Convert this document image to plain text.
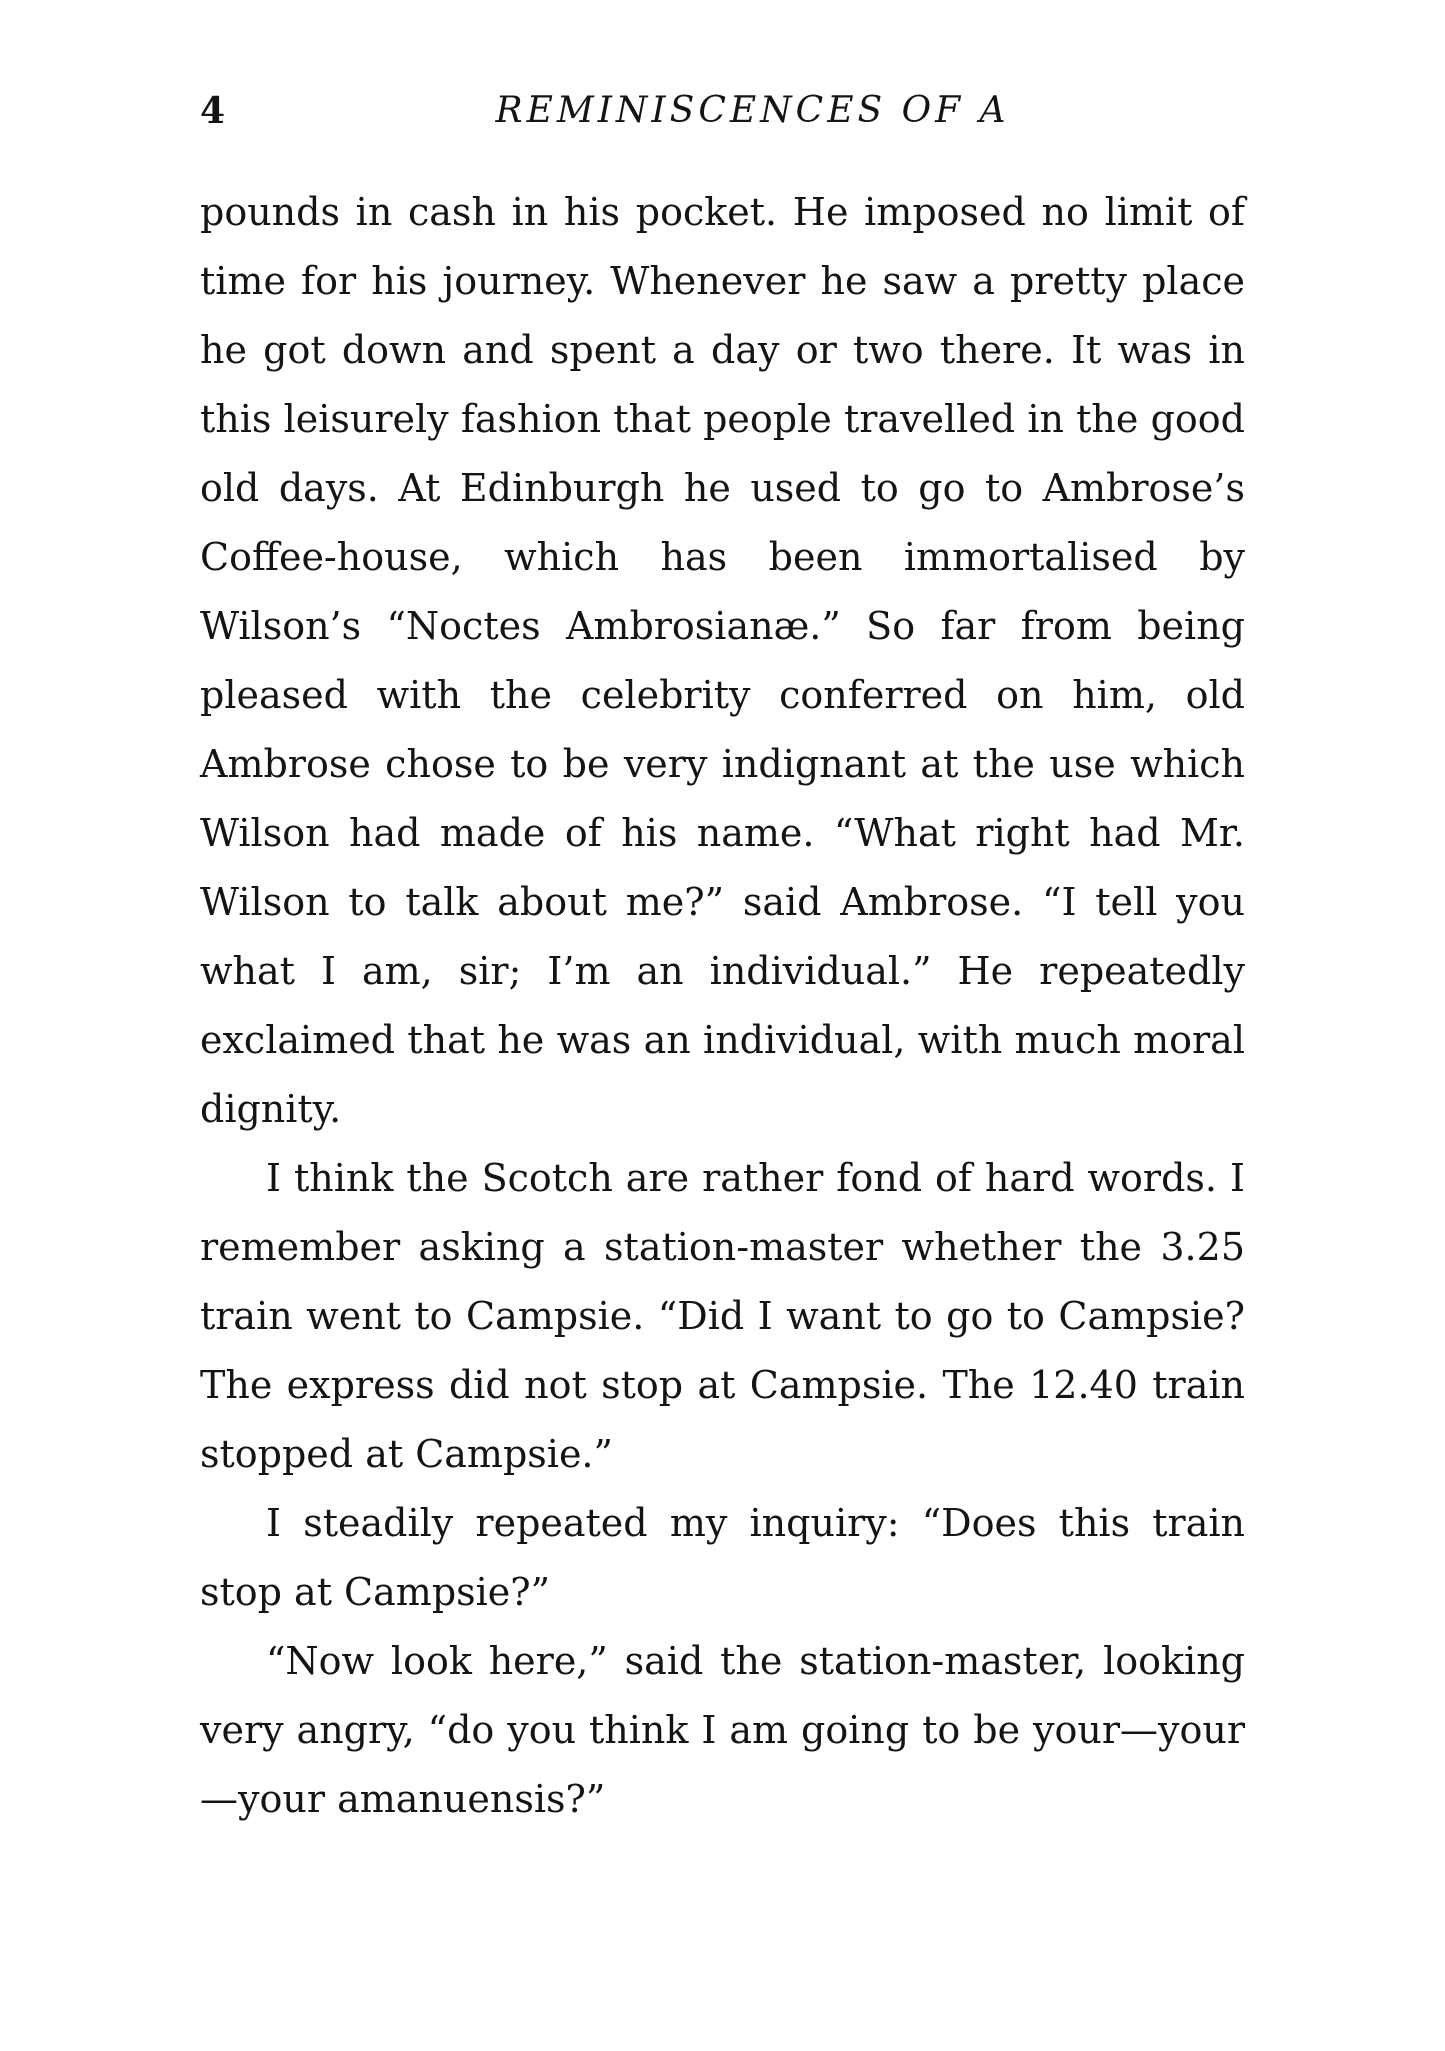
4	REMINISCENCES OF A

pounds in cash in his pocket. He imposed no limit of time for his journey. Whenever he saw a pretty place he got down and spent a day or two there. It was in this leisurely fashion that people travelled in the good old days. At Edinburgh he used to go to Ambrose’s Coffee-house, which has been immortalised by Wilson’s “Noctes Ambrosianæ.” So far from being pleased with the celebrity conferred on him, old Ambrose chose to be very indignant at the use which Wilson had made of his name. “What right had Mr. Wilson to talk about me?” said Ambrose. “I tell you what I am, sir; I’m an individual.” He repeatedly exclaimed that he was an individual, with much moral dignity.

I think the Scotch are rather fond of hard words. I remember asking a station-master whether the 3.25 train went to Campsie. “Did I want to go to Campsie? The express did not stop at Campsie. The 12.40 train stopped at Campsie.”

I steadily repeated my inquiry: “Does this train stop at Campsie?”

“Now look here,” said the station-master, looking very angry, “do you think I am going to be your—your—your amanuensis?”
